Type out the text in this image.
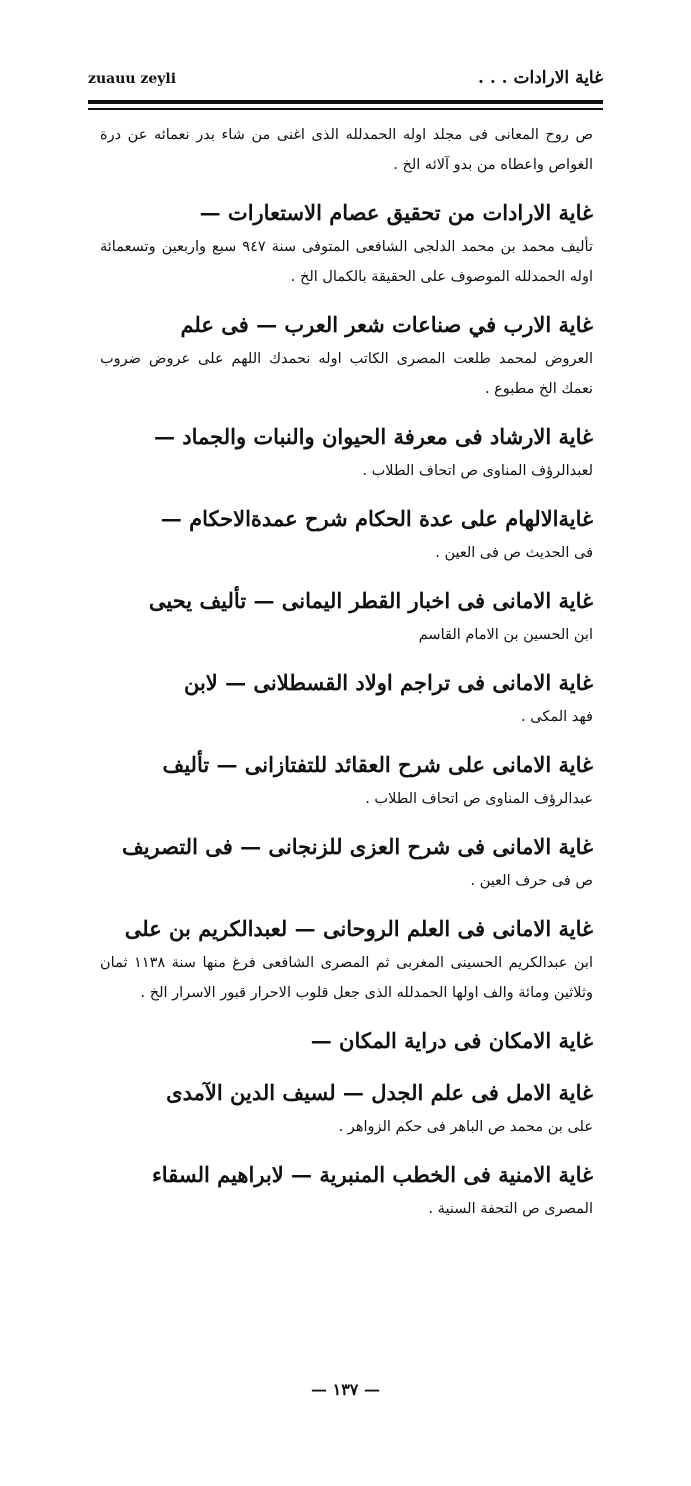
zuauu zeyli	غاية الارادات . . .
ص روح المعانى فى مجلد اوله الحمدلله الذى اغنى من شاء بدر نعمائه عن درة الغواص واعطاه من بدو آلائه الخ .
غاية الارادات من تحقيق عصام الاستعارات —
تأليف محمد بن محمد الدلجى الشافعى المتوفى سنة ٩٤٧ سبع واربعين وتسعمائة اوله الحمدلله الموصوف على الحقيقة بالكمال الخ .
غاية الارب في صناعات شعر العرب — فى علم
العروض لمحمد طلعت المصرى الكاتب اوله نحمدك اللهم على عروض ضروب نعمك الخ مطبوع .
غاية الارشاد فى معرفة الحيوان والنبات والجماد —
لعبدالرؤف المناوى ص اتحاف الطلاب .
غايةالالهام على عدة الحكام شرح عمدةالاحكام —
فى الحديث ص فى العين .
غاية الامانى فى اخبار القطر اليمانى — تأليف يحيى
ابن الحسين بن الامام القاسم
غاية الامانى فى تراجم اولاد القسطلانى — لابن
فهد المكى .
غاية الامانى على شرح العقائد للتفتازانى — تأليف
عبدالرؤف المناوى ص اتحاف الطلاب .
غاية الامانى فى شرح العزى للزنجانى — فى التصريف
ص فى حرف العين .
غاية الامانى فى العلم الروحانى — لعبدالكريم بن على
ابن عبدالكريم الحسينى المغربى ثم المصرى الشافعى فرغ منها سنة ١١٣٨ ثمان وثلاثين ومائة والف اولها الحمدلله الذى جعل قلوب الاحرار قبور الاسرار الخ .
غاية الامكان فى دراية المكان —
غاية الامل فى علم الجدل — لسيف الدين الآمدى
على بن محمد ص الباهر فى حكم الزواهر .
غاية الامنية فى الخطب المنبرية — لابراهيم السقاء
المصرى ص التحفة السنية .
— ١٣٧ —
